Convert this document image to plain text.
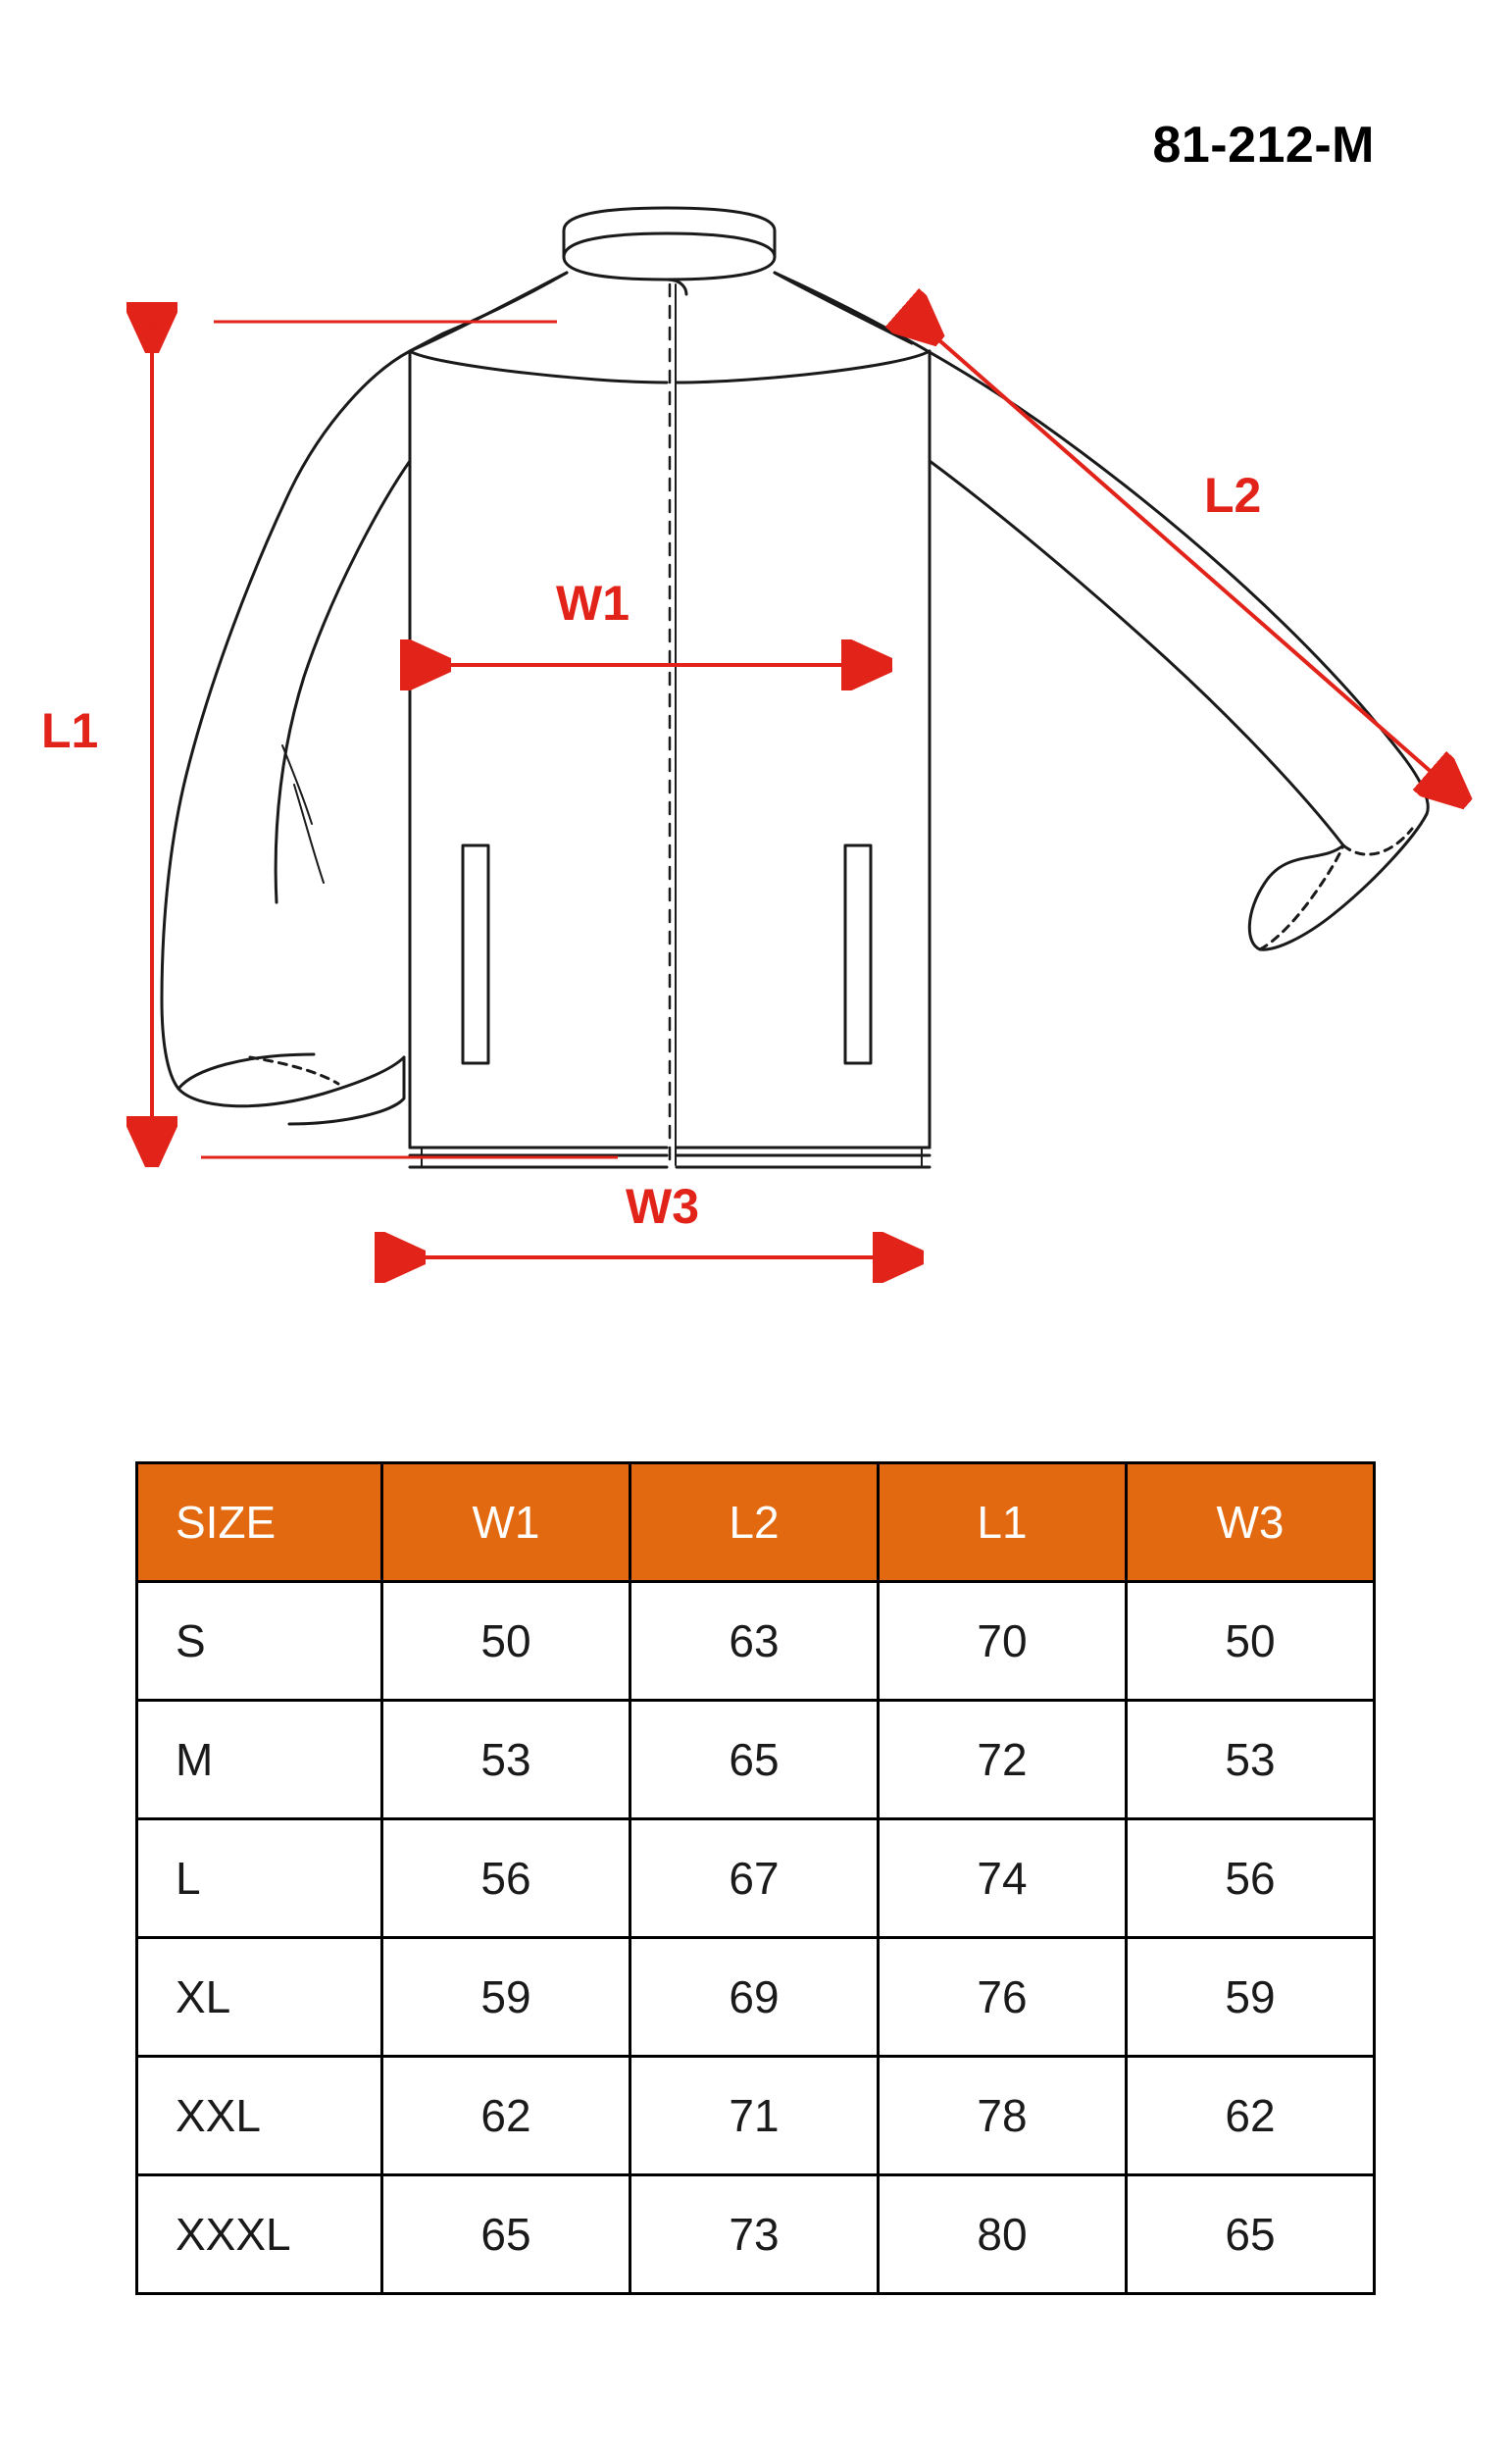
81-212-M
L1
L2
W1
W3
SIZE	W1	L2	L1	W3
S	50	63	70	50
M	53	65	72	53
L	56	67	74	56
XL	59	69	76	59
XXL	62	71	78	62
XXXL	65	73	80	65
